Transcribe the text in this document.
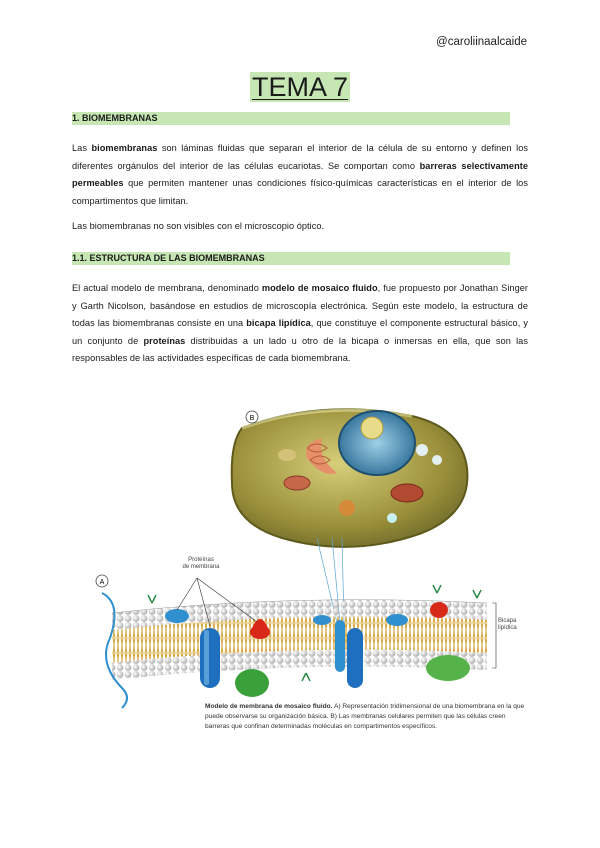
@caroliinaalcaide
TEMA 7
1. BIOMEMBRANAS
Las biomembranas son láminas fluidas que separan el interior de la célula de su entorno y definen los diferentes orgánulos del interior de las células eucariotas. Se comportan como barreras selectivamente permeables que permiten mantener unas condiciones físico-químicas características en el interior de los compartimentos que limitan.
Las biomembranas no son visibles con el microscopio óptico.
1.1. ESTRUCTURA DE LAS BIOMEMBRANAS
El actual modelo de membrana, denominado modelo de mosaico fluido, fue propuesto por Jonathan Singer y Garth Nicolson, basándose en estudios de microscopía electrónica. Según este modelo, la estructura de todas las biomembranas consiste en una bicapa lipídica, que constituye el componente estructural básico, y un conjunto de proteínas distribuidas a un lado u otro de la bicapa o inmersas en ella, que son las responsables de las actividades específicas de cada biomembrana.
B
A
Proteínas
de membrana
Bicapa
lipídica
Modelo de membrana de mosaico fluido. A) Representación tridimensional de una biomembrana en la que puede observarse su organización básica. B) Las membranas celulares permiten que las células creen barreras que confinan determinadas moléculas en compartimentos específicos.
